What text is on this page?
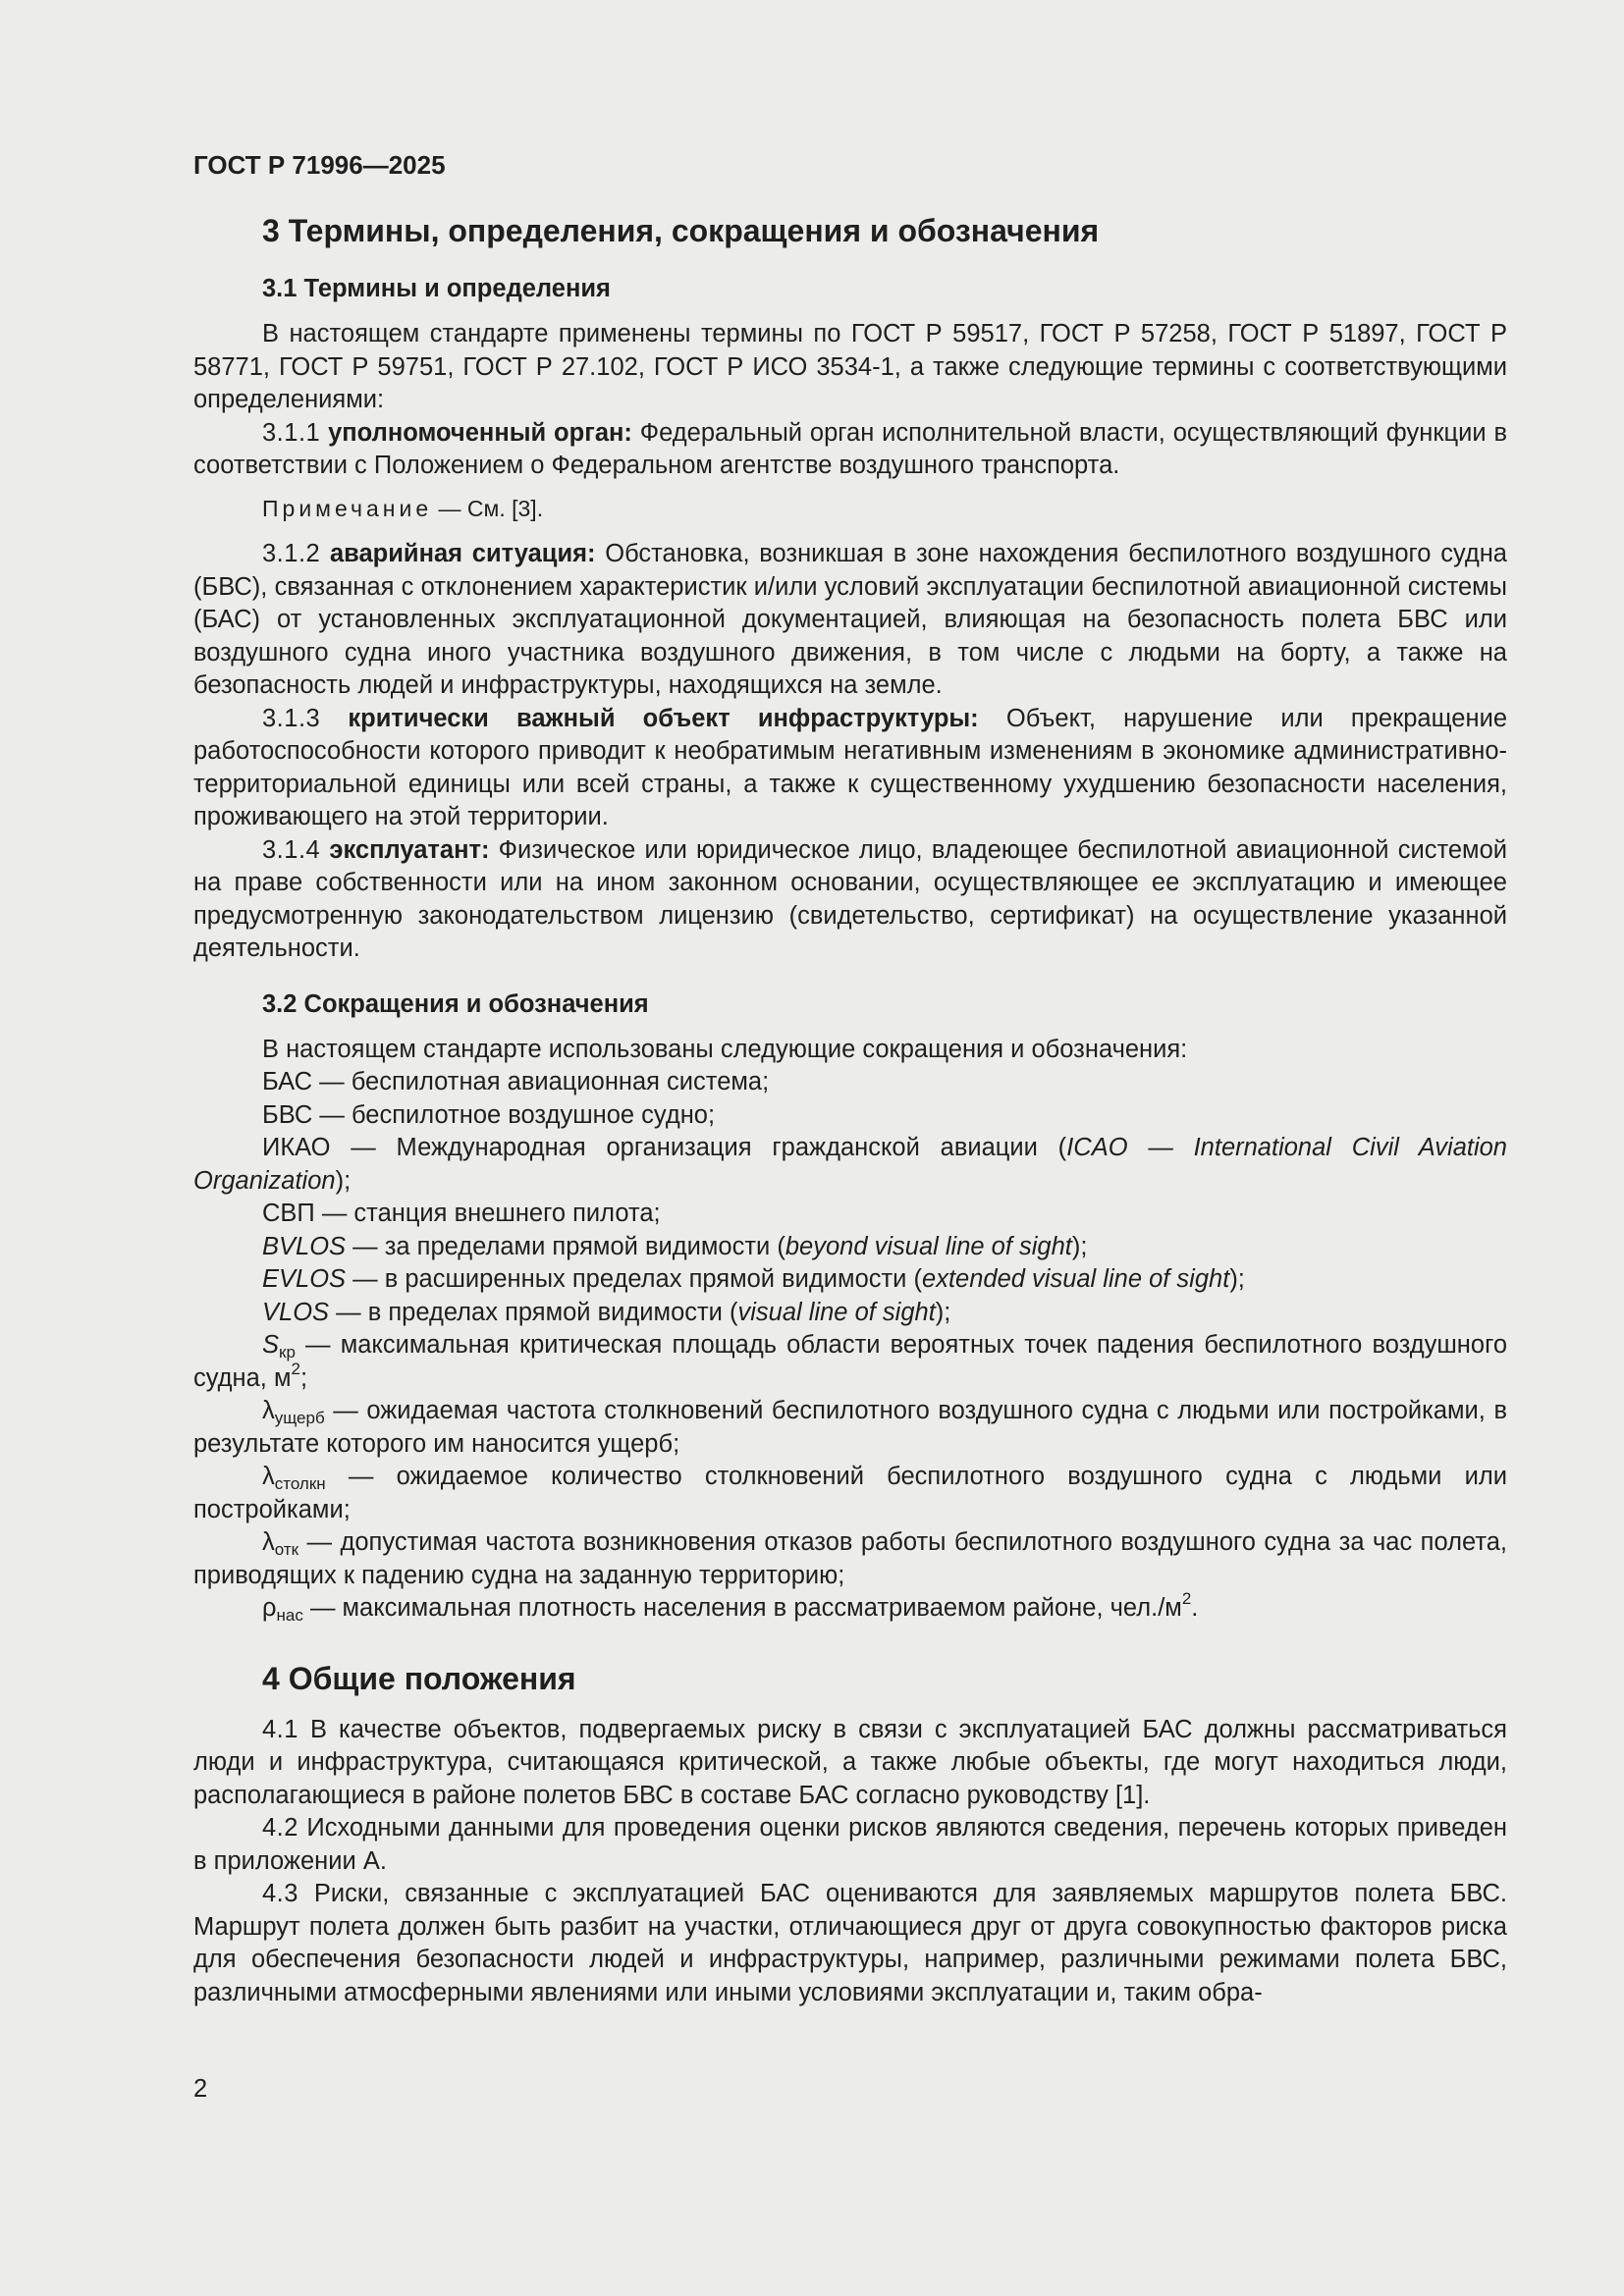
ГОСТ Р 71996—2025

3 Термины, определения, сокращения и обозначения
3.1 Термины и определения

В настоящем стандарте применены термины по ГОСТ Р 59517, ГОСТ Р 57258, ГОСТ Р 51897, ГОСТ Р 58771, ГОСТ Р 59751, ГОСТ Р 27.102, ГОСТ Р ИСО 3534-1, а также следующие термины с соответствующими определениями:

3.1.1 уполномоченный орган: Федеральный орган исполнительной власти, осуществляющий функции в соответствии с Положением о Федеральном агентстве воздушного транспорта.

Примечание — См. [3].

3.1.2 аварийная ситуация: Обстановка, возникшая в зоне нахождения беспилотного воздушного судна (БВС), связанная с отклонением характеристик и/или условий эксплуатации беспилотной авиационной системы (БАС) от установленных эксплуатационной документацией, влияющая на безопасность полета БВС или воздушного судна иного участника воздушного движения, в том числе с людьми на борту, а также на безопасность людей и инфраструктуры, находящихся на земле.

3.1.3 критически важный объект инфраструктуры: Объект, нарушение или прекращение работоспособности которого приводит к необратимым негативным изменениям в экономике административно-территориальной единицы или всей страны, а также к существенному ухудшению безопасности населения, проживающего на этой территории.

3.1.4 эксплуатант: Физическое или юридическое лицо, владеющее беспилотной авиационной системой на праве собственности или на ином законном основании, осуществляющее ее эксплуатацию и имеющее предусмотренную законодательством лицензию (свидетельство, сертификат) на осуществление указанной деятельности.

3.2 Сокращения и обозначения

В настоящем стандарте использованы следующие сокращения и обозначения:

БАС — беспилотная авиационная система;

БВС — беспилотное воздушное судно;

ИКАО — Международная организация гражданской авиации (ICAO — International Civil Aviation Organization);

СВП — станция внешнего пилота;

BVLOS — за пределами прямой видимости (beyond visual line of sight);

EVLOS — в расширенных пределах прямой видимости (extended visual line of sight);

VLOS — в пределах прямой видимости (visual line of sight);

$S_{кр}$ — максимальная критическая площадь области вероятных точек падения беспилотного воздушного судна, $м^2$;

$\lambda_{ущерб}$ — ожидаемая частота столкновений беспилотного воздушного судна с людьми или постройками, в результате которого им наносится ущерб;

$\lambda_{столкн}$ — ожидаемое количество столкновений беспилотного воздушного судна с людьми или постройками;

$\lambda_{отк}$ — допустимая частота возникновения отказов работы беспилотного воздушного судна за час полета, приводящих к падению судна на заданную территорию;

$\rho_{нас}$ — максимальная плотность населения в рассматриваемом районе, $чел./м^2$.

4 Общие положения

4.1 В качестве объектов, подвергаемых риску в связи с эксплуатацией БАС должны рассматриваться люди и инфраструктура, считающаяся критической, а также любые объекты, где могут находиться люди, располагающиеся в районе полетов БВС в составе БАС согласно руководству [1].

4.2 Исходными данными для проведения оценки рисков являются сведения, перечень которых приведен в приложении А.

4.3 Риски, связанные с эксплуатацией БАС оцениваются для заявляемых маршрутов полета БВС. Маршрут полета должен быть разбит на участки, отличающиеся друг от друга совокупностью факторов риска для обеспечения безопасности людей и инфраструктуры, например, различными режимами полета БВС, различными атмосферными явлениями или иными условиями эксплуатации и, таким обра-

2
